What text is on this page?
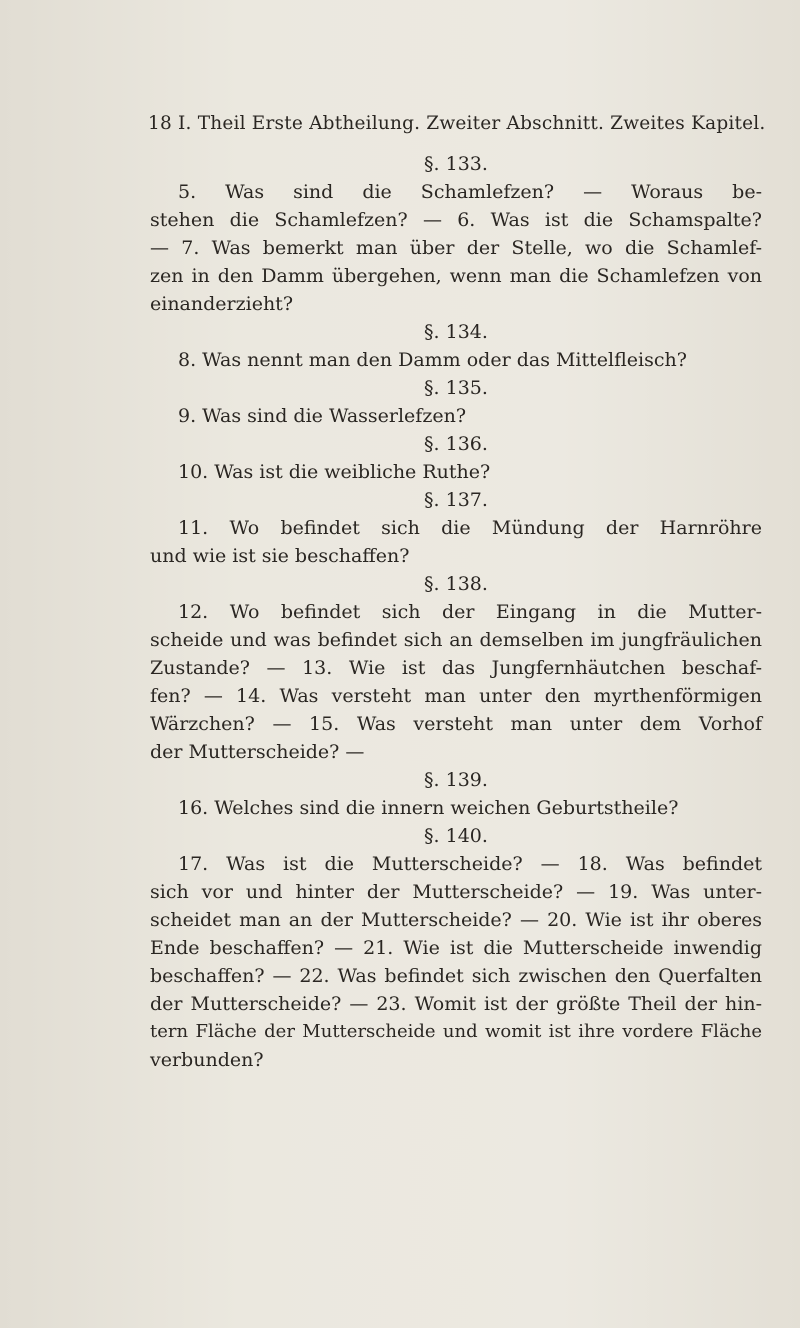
18 I. Theil Erste Abtheilung. Zweiter Abschnitt. Zweites Kapitel.
§. 133.
5. Was sind die Schamlefzen? — Woraus be-
stehen die Schamlefzen? — 6. Was ist die Schamspalte?
— 7. Was bemerkt man über der Stelle, wo die Schamlef-
zen in den Damm übergehen, wenn man die Schamlefzen von
einanderzieht?
§. 134.
8. Was nennt man den Damm oder das Mittelfleisch?
§. 135.
9. Was sind die Wasserlefzen?
§. 136.
10. Was ist die weibliche Ruthe?
§. 137.
11. Wo befindet sich die Mündung der Harnröhre
und wie ist sie beschaffen?
§. 138.
12. Wo befindet sich der Eingang in die Mutter-
scheide und was befindet sich an demselben im jungfräulichen
Zustande? — 13. Wie ist das Jungfernhäutchen beschaf-
fen? — 14. Was versteht man unter den myrthenförmigen
Wärzchen? — 15. Was versteht man unter dem Vorhof
der Mutterscheide? —
§. 139.
16. Welches sind die innern weichen Geburtstheile?
§. 140.
17. Was ist die Mutterscheide? — 18. Was befindet
sich vor und hinter der Mutterscheide? — 19. Was unter-
scheidet man an der Mutterscheide? — 20. Wie ist ihr oberes
Ende beschaffen? — 21. Wie ist die Mutterscheide inwendig
beschaffen? — 22. Was befindet sich zwischen den Querfalten
der Mutterscheide? — 23. Womit ist der größte Theil der hin-
tern Fläche der Mutterscheide und womit ist ihre vordere Fläche
verbunden?
